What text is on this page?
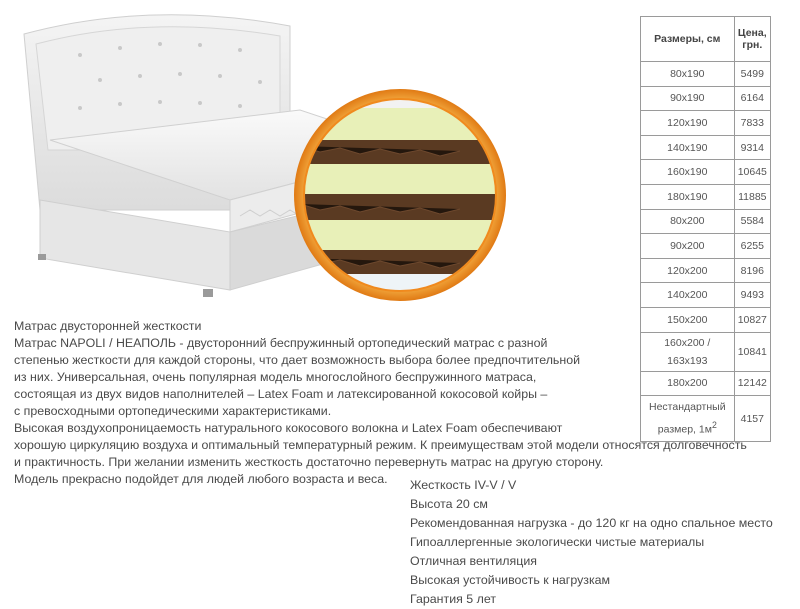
Размеры, см	Цена,
грн.
80x190	5499
90x190	6164
120x190	7833
140x190	9314
160x190	10645
180x190	11885
80x200	5584
90x200	6255
120x200	8196
140x200	9493
150x200	10827
160x200 /
163x193	10841
180x200	12142
Нестандартный
размер, $1м^2$	4157

Матрас двусторонней жесткости

Матрас NAPOLI / НЕАПОЛЬ - двусторонний беспружинный ортопедический матрас с разной

степенью жесткости для каждой стороны, что дает возможность выбора более предпочтительной

из них. Универсальная, очень популярная модель многослойного беспружинного матраса,

состоящая из двух видов наполнителей – Latex Foam и латексированной кокосовой койры –

с превосходными ортопедическими характеристиками.

Высокая воздухопроницаемость натурального кокосового волокна и Latex Foam обеспечивают

хорошую циркуляцию воздуха и оптимальный температурный режим. К преимуществам этой модели относятся долговечность

и практичность. При желании изменить жесткость достаточно перевернуть матрас на другую сторону.

Модель прекрасно подойдет для людей любого возраста и веса.	Жесткость IV-V / V
Высота 20 см
Рекомендованная нагрузка - до 120 кг на одно спальное место
Гипоаллергенные экологически чистые материалы
Отличная вентиляция
Высокая устойчивость к нагрузкам
Гарантия 5 лет
